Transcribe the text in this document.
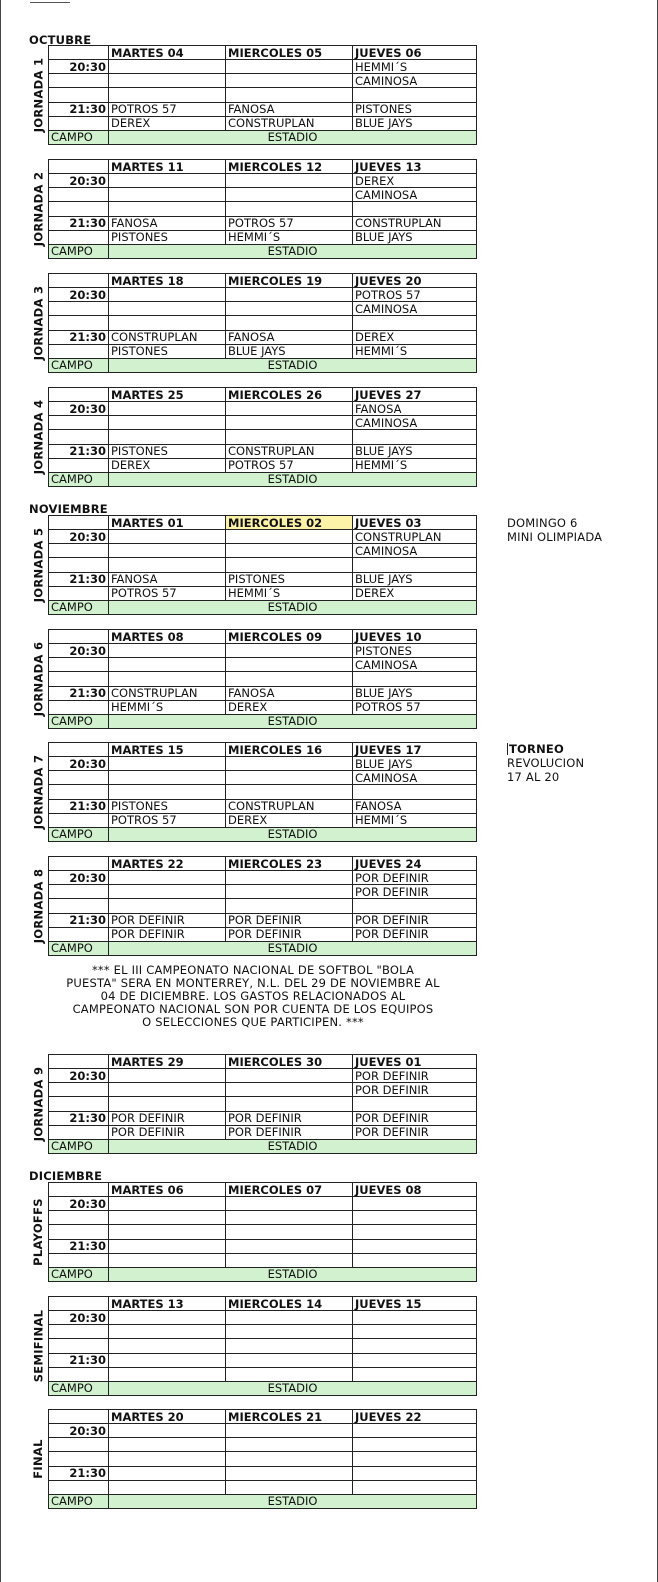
OCTUBRE
NOVIEMBRE
DICIEMBRE
JORNADA 1
	MARTES 04	MIERCOLES 05	JUEVES 06
20:30			HEMMI´S
			CAMINOSA

21:30	POTROS 57	FANOSA	PISTONES
	DEREX	CONSTRUPLAN	BLUE JAYS
CAMPO	ESTADIO		
JORNADA 2
	MARTES 11	MIERCOLES 12	JUEVES 13
20:30			DEREX
			CAMINOSA

21:30	FANOSA	POTROS 57	CONSTRUPLAN
	PISTONES	HEMMI´S	BLUE JAYS
CAMPO	ESTADIO		
JORNADA 3
	MARTES 18	MIERCOLES 19	JUEVES 20
20:30			POTROS 57
			CAMINOSA

21:30	CONSTRUPLAN	FANOSA	DEREX
	PISTONES	BLUE JAYS	HEMMI´S
CAMPO	ESTADIO		
JORNADA 4
	MARTES 25	MIERCOLES 26	JUEVES 27
20:30			FANOSA
			CAMINOSA

21:30	PISTONES	CONSTRUPLAN	BLUE JAYS
	DEREX	POTROS 57	HEMMI´S
CAMPO	ESTADIO		
JORNADA 5
	MARTES 01	MIERCOLES 02	JUEVES 03
20:30			CONSTRUPLAN
			CAMINOSA

21:30	FANOSA	PISTONES	BLUE JAYS
	POTROS 57	HEMMI´S	DEREX
CAMPO	ESTADIO		
JORNADA 6
	MARTES 08	MIERCOLES 09	JUEVES 10
20:30			PISTONES
			CAMINOSA

21:30	CONSTRUPLAN	FANOSA	BLUE JAYS
	HEMMI´S	DEREX	POTROS 57
CAMPO	ESTADIO		
JORNADA 7
	MARTES 15	MIERCOLES 16	JUEVES 17
20:30			BLUE JAYS
			CAMINOSA

21:30	PISTONES	CONSTRUPLAN	FANOSA
	POTROS 57	DEREX	HEMMI´S
CAMPO	ESTADIO		
JORNADA 8
	MARTES 22	MIERCOLES 23	JUEVES 24
20:30			POR DEFINIR
			POR DEFINIR

21:30	POR DEFINIR	POR DEFINIR	POR DEFINIR
	POR DEFINIR	POR DEFINIR	POR DEFINIR
CAMPO	ESTADIO		
JORNADA 9
	MARTES 29	MIERCOLES 30	JUEVES 01
20:30			POR DEFINIR
			POR DEFINIR

21:30	POR DEFINIR	POR DEFINIR	POR DEFINIR
	POR DEFINIR	POR DEFINIR	POR DEFINIR
CAMPO	ESTADIO		
PLAYOFFS
	MARTES 06	MIERCOLES 07	JUEVES 08
20:30			

21:30			

CAMPO	ESTADIO		
SEMIFINAL
	MARTES 13	MIERCOLES 14	JUEVES 15
20:30			

21:30			

CAMPO	ESTADIO		
FINAL
	MARTES 20	MIERCOLES 21	JUEVES 22
20:30			

21:30			

CAMPO	ESTADIO		
DOMINGO 6
MINI OLIMPIADA
TORNEO
REVOLUCION
17 AL 20
*** EL III CAMPEONATO NACIONAL DE SOFTBOL "BOLA
PUESTA" SERA EN MONTERREY, N.L. DEL 29 DE NOVIEMBRE AL
04 DE DICIEMBRE. LOS GASTOS RELACIONADOS AL
CAMPEONATO NACIONAL SON POR CUENTA DE LOS EQUIPOS
O SELECCIONES QUE PARTICIPEN. ***
